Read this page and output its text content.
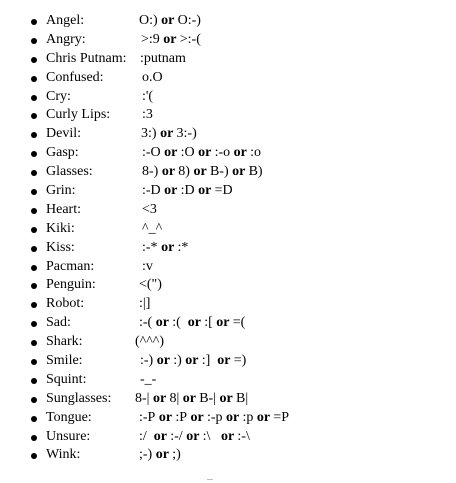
Angel:	O:) or O:-)
Angry:	>:9 or >:-(
Chris Putnam: :putnam
Confused:	o.O
Cry:	:'(
Curly Lips: :3
Devil:	3:) or 3:-)
Gasp:	:-O or :O or :-o or :o
Glasses:	8-) or 8) or B-) or B)
Grin:	:-D or :D or =D
Heart:	<3
Kiki:	^_^
Kiss:	:-* or :*
Pacman:	:v
Penguin:	<(")
Robot:	:|]
Sad:	:-( or :(  or :[ or =(
Shark:	(^^^)
Smile:	:-) or :) or :]  or =)
Squint:	-_-
Sunglasses: 8-| or 8| or B-| or B|
Tongue:	:-P or :P or :-p or :p or =P
Unsure:	:/  or :-/ or :\   or :-\
Wink:	;-) or ;)
